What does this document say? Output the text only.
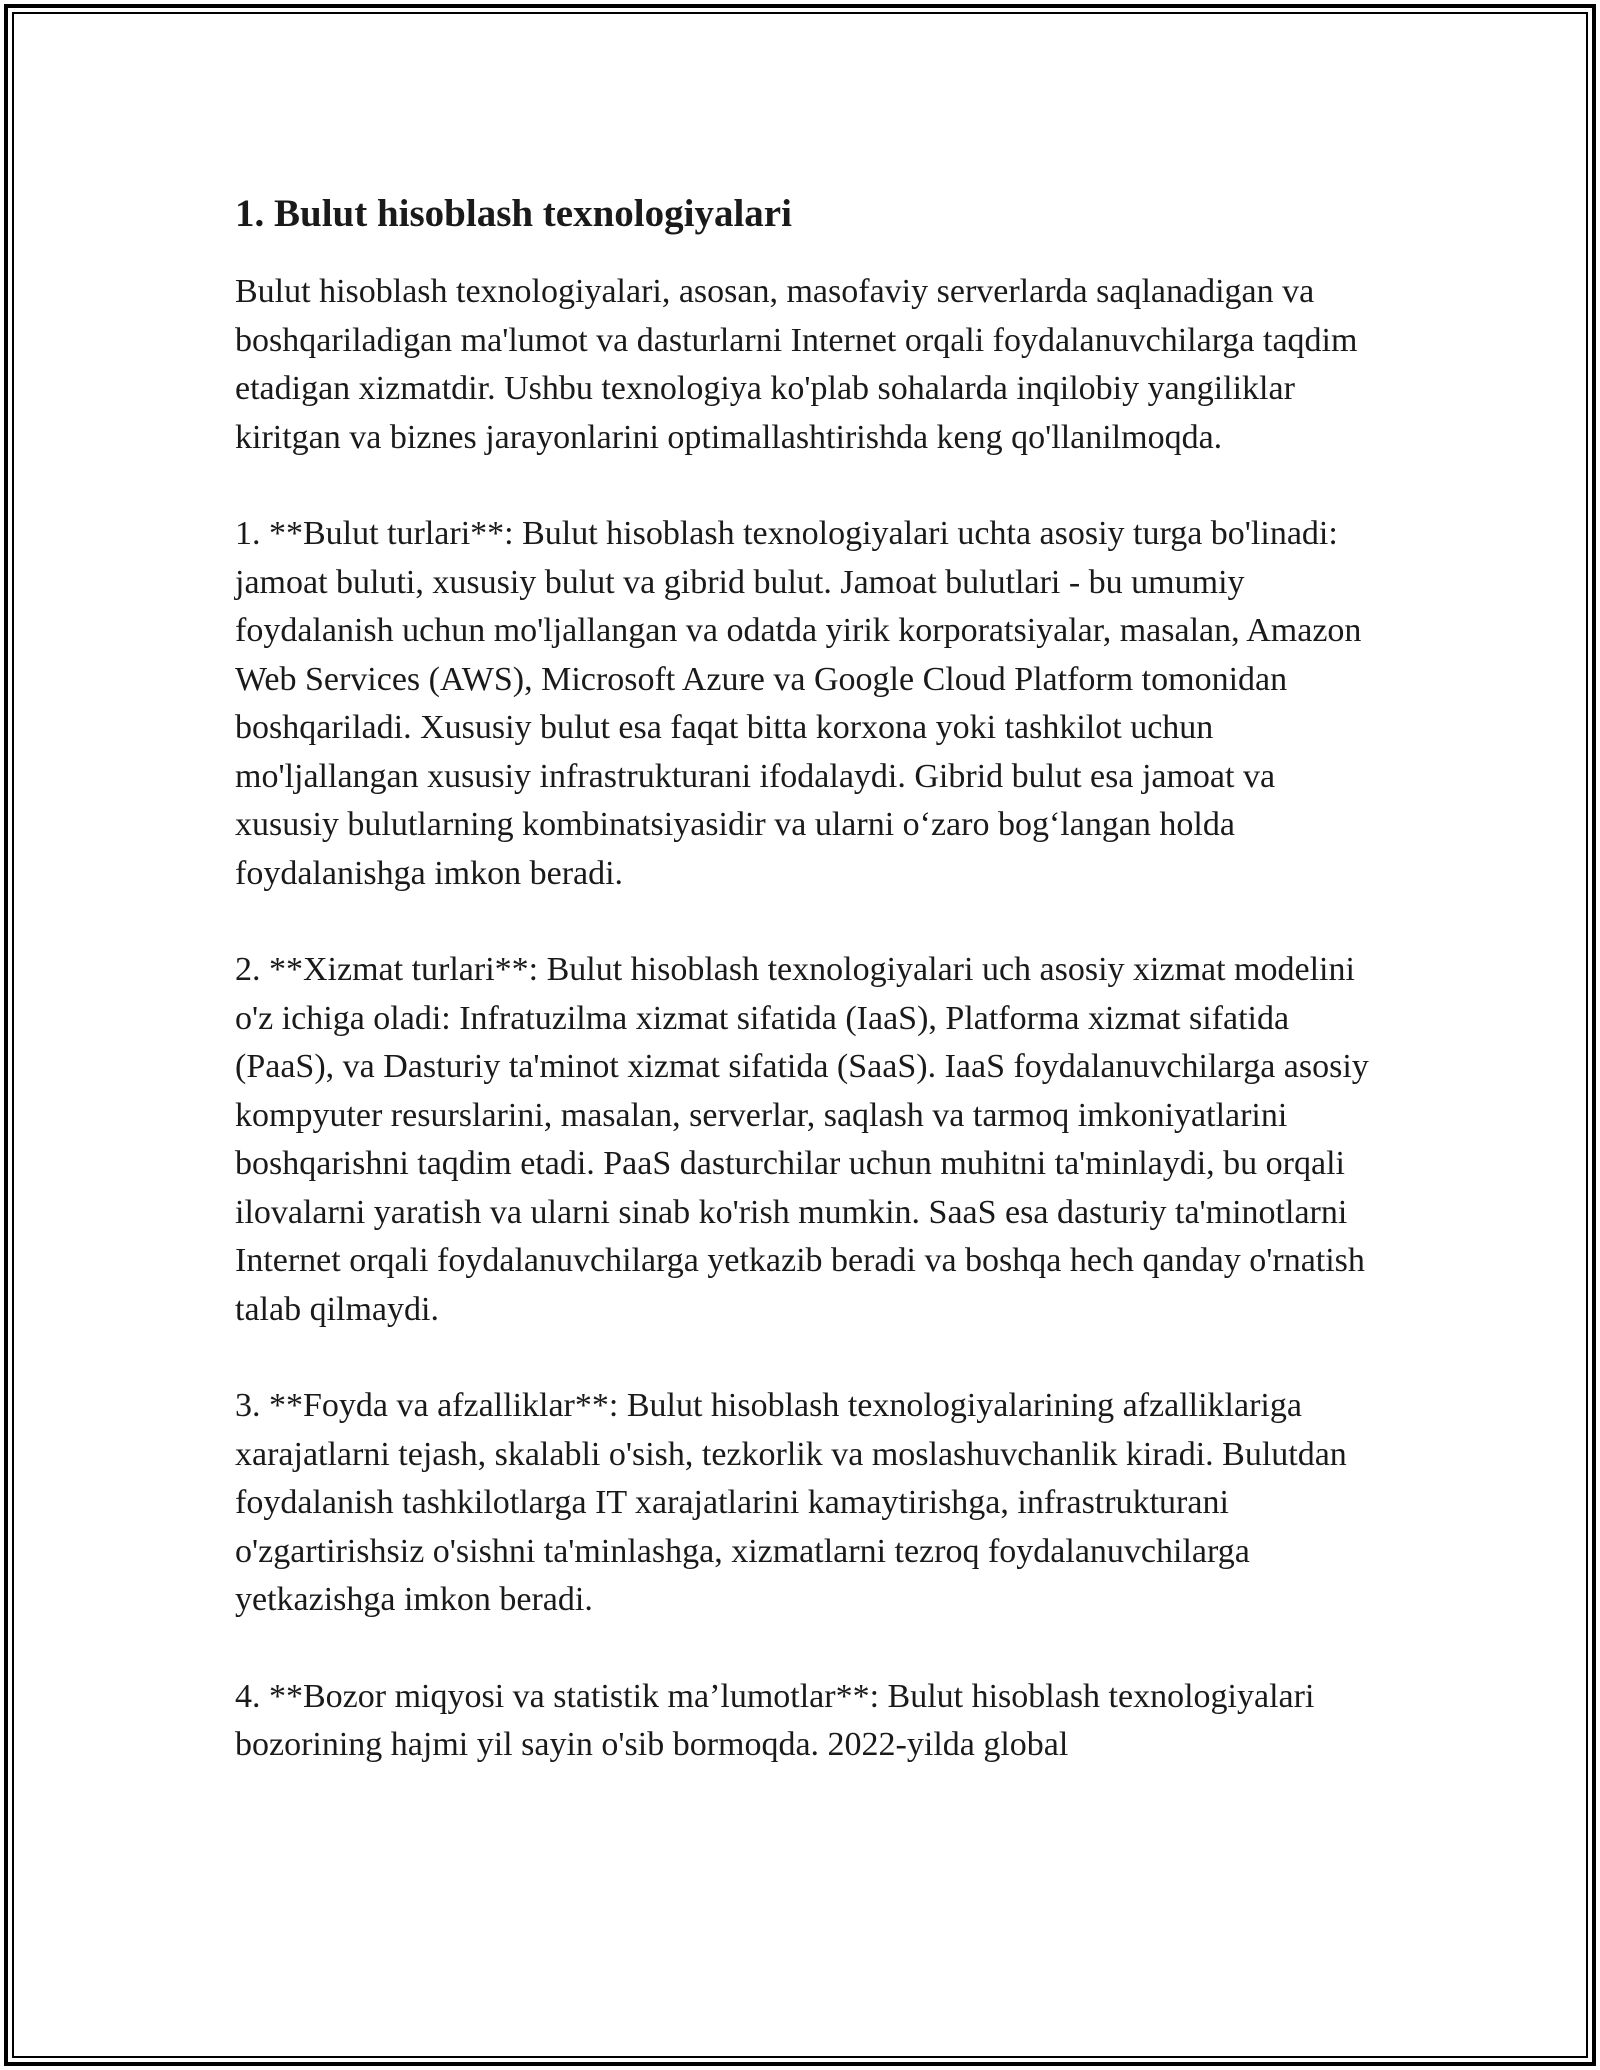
1. Bulut hisoblash texnologiyalari

Bulut hisoblash texnologiyalari, asosan, masofaviy serverlarda saqlanadigan va boshqariladigan ma'lumot va dasturlarni Internet orqali foydalanuvchilarga taqdim etadigan xizmatdir. Ushbu texnologiya ko'plab sohalarda inqilobiy yangiliklar kiritgan va biznes jarayonlarini optimallashtirishda keng qo'llanilmoqda.

1. **Bulut turlari**: Bulut hisoblash texnologiyalari uchta asosiy turga bo'linadi: jamoat buluti, xususiy bulut va gibrid bulut. Jamoat bulutlari - bu umumiy foydalanish uchun mo'ljallangan va odatda yirik korporatsiyalar, masalan, Amazon Web Services (AWS), Microsoft Azure va Google Cloud Platform tomonidan boshqariladi. Xususiy bulut esa faqat bitta korxona yoki tashkilot uchun mo'ljallangan xususiy infrastrukturani ifodalaydi. Gibrid bulut esa jamoat va xususiy bulutlarning kombinatsiyasidir va ularni o‘zaro bog‘langan holda foydalanishga imkon beradi.

2. **Xizmat turlari**: Bulut hisoblash texnologiyalari uch asosiy xizmat modelini o'z ichiga oladi: Infratuzilma xizmat sifatida (IaaS), Platforma xizmat sifatida (PaaS), va Dasturiy ta'minot xizmat sifatida (SaaS). IaaS foydalanuvchilarga asosiy kompyuter resurslarini, masalan, serverlar, saqlash va tarmoq imkoniyatlarini boshqarishni taqdim etadi. PaaS dasturchilar uchun muhitni ta'minlaydi, bu orqali ilovalarni yaratish va ularni sinab ko'rish mumkin. SaaS esa dasturiy ta'minotlarni Internet orqali foydalanuvchilarga yetkazib beradi va boshqa hech qanday o'rnatish talab qilmaydi.

3. **Foyda va afzalliklar**: Bulut hisoblash texnologiyalarining afzalliklariga xarajatlarni tejash, skalabli o'sish, tezkorlik va moslashuvchanlik kiradi. Bulutdan foydalanish tashkilotlarga IT xarajatlarini kamaytirishga, infrastrukturani o'zgartirishsiz o'sishni ta'minlashga, xizmatlarni tezroq foydalanuvchilarga yetkazishga imkon beradi.

4. **Bozor miqyosi va statistik ma’lumotlar**: Bulut hisoblash texnologiyalari bozorining hajmi yil sayin o'sib bormoqda. 2022-yilda global
